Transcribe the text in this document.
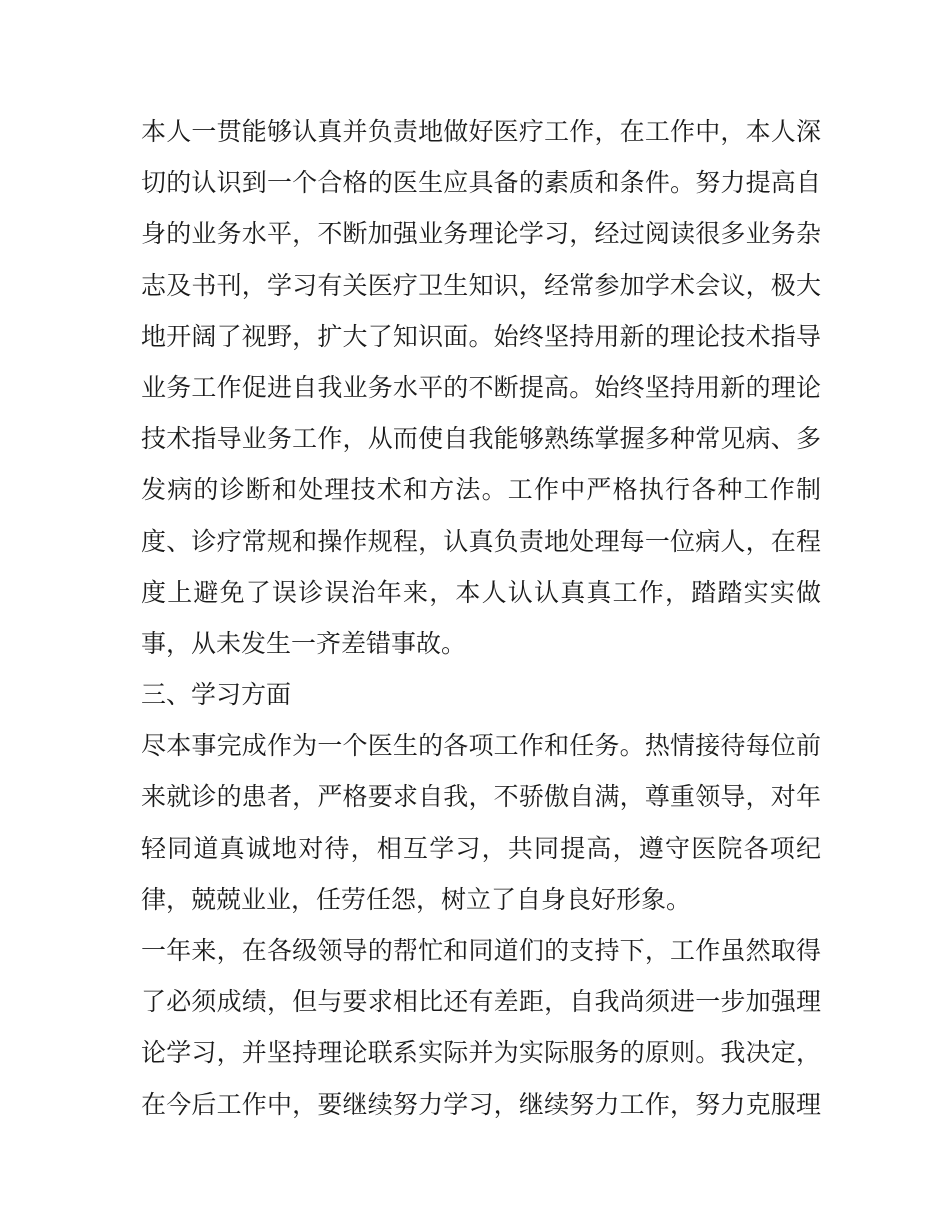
本人一贯能够认真并负责地做好医疗工作，在工作中，本人深
切的认识到一个合格的医生应具备的素质和条件。努力提高自
身的业务水平，不断加强业务理论学习，经过阅读很多业务杂
志及书刊，学习有关医疗卫生知识，经常参加学术会议，极大
地开阔了视野，扩大了知识面。始终坚持用新的理论技术指导
业务工作促进自我业务水平的不断提高。始终坚持用新的理论
技术指导业务工作，从而使自我能够熟练掌握多种常见病、多
发病的诊断和处理技术和方法。工作中严格执行各种工作制
度、诊疗常规和操作规程，认真负责地处理每一位病人，在程
度上避免了误诊误治年来，本人认认真真工作，踏踏实实做
事，从未发生一齐差错事故。
三、学习方面
尽本事完成作为一个医生的各项工作和任务。热情接待每位前
来就诊的患者，严格要求自我，不骄傲自满，尊重领导，对年
轻同道真诚地对待，相互学习，共同提高，遵守医院各项纪
律，兢兢业业，任劳任怨，树立了自身良好形象。
一年来，在各级领导的帮忙和同道们的支持下，工作虽然取得
了必须成绩，但与要求相比还有差距，自我尚须进一步加强理
论学习，并坚持理论联系实际并为实际服务的原则。我决定，
在今后工作中，要继续努力学习，继续努力工作，努力克服理
